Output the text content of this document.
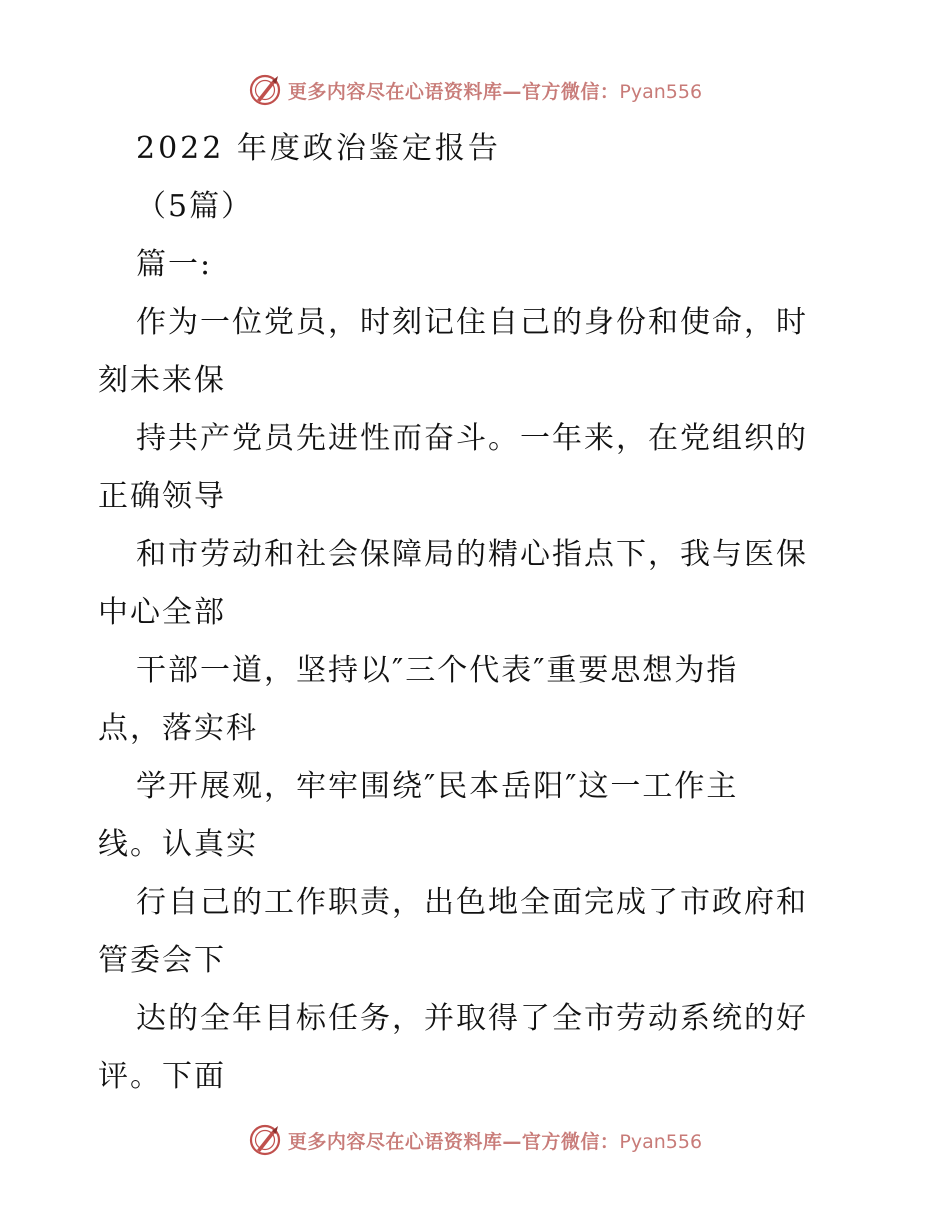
更多内容尽在心语资料库—官方微信：Pyan556
2022 年度政治鉴定报告
（5篇）
篇一:
作为一位党员，时刻记住自己的身份和使命，时
刻未来保
持共产党员先进性而奋斗。一年来，在党组织的
正确领导
和市劳动和社会保障局的精心指点下，我与医保
中心全部
干部一道，坚持以″三个代表″重要思想为指
点，落实科
学开展观，牢牢围绕″民本岳阳″这一工作主
线。认真实
行自己的工作职责，出色地全面完成了市政府和
管委会下
达的全年目标任务，并取得了全市劳动系统的好
评。下面
更多内容尽在心语资料库—官方微信：Pyan556
